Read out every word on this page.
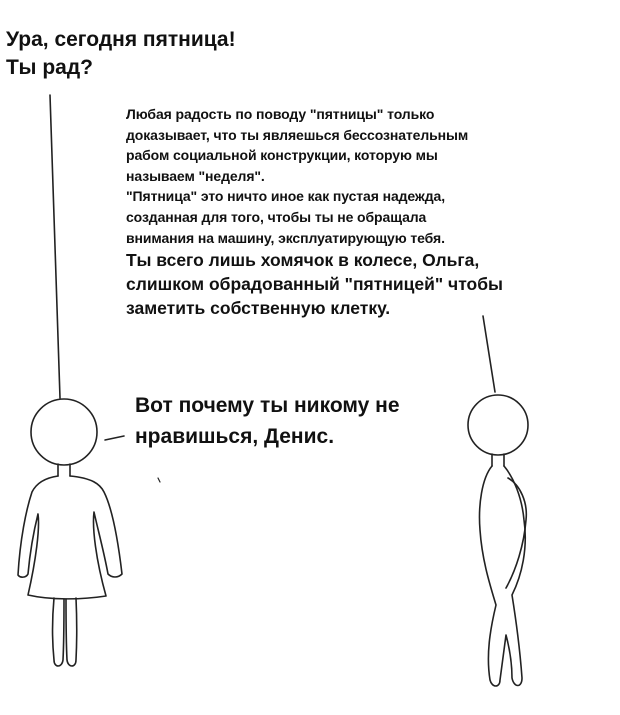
Ура, сегодня пятница!
Ты рад?
Любая радость по поводу "пятницы" только
доказывает, что ты являешься бессознательным
рабом социальной конструкции, которую мы
называем "неделя".
"Пятница" это ничто иное как пустая надежда,
созданная для того, чтобы ты не обращала
внимания на машину, эксплуатирующую тебя.
Ты всего лишь хомячок в колесе, Ольга,
слишком обрадованный "пятницей" чтобы
заметить собственную клетку.
Вот почему ты никому не
нравишься, Денис.
